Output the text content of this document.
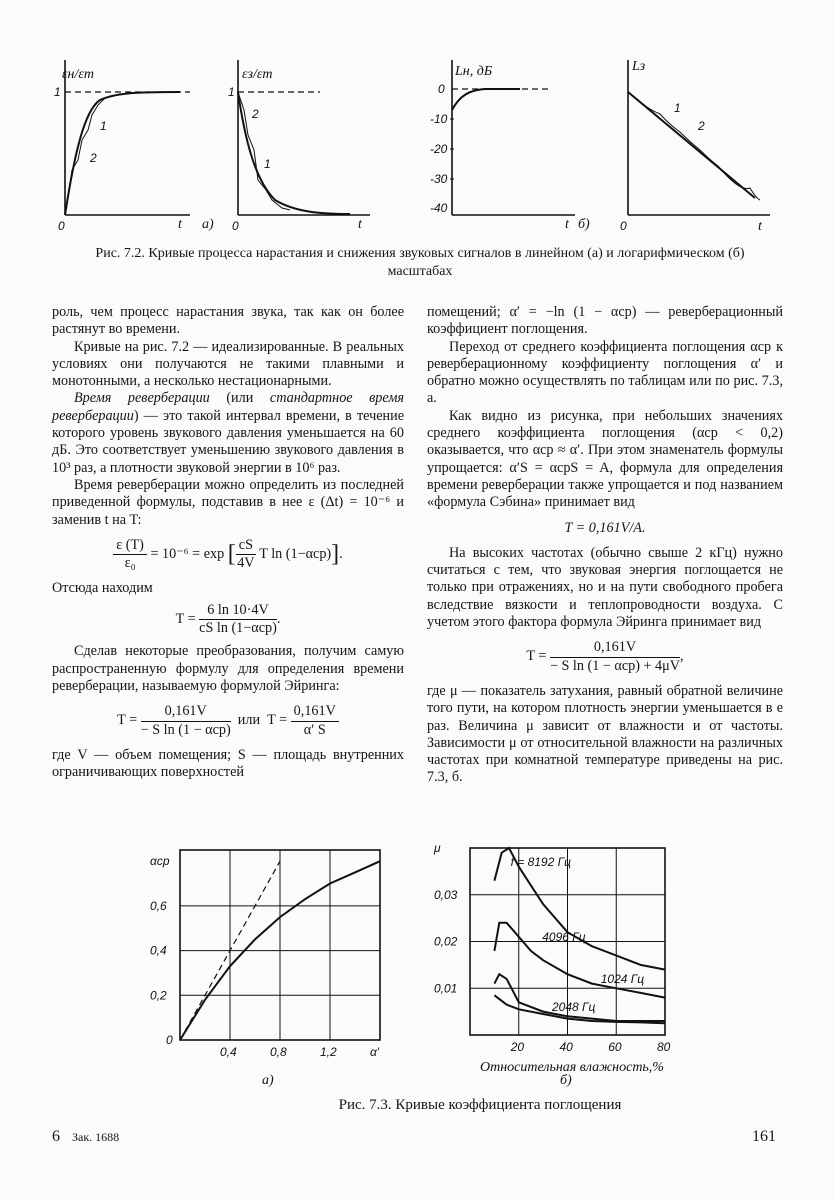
εн/εт
1
0	t
1
2
а)
εз/εт
1
0	t
2
1
0
-10
-20
-30
-40
Lн, дБ
t б)
Lз
0	t
1
2
Рис. 7.2. Кривые процесса нарастания и снижения звуковых сигналов в линейном (а) и логарифмическом (б) масштабах

роль, чем процесс нарастания звука, так как он более растянут во времени.

Кривые на рис. 7.2 — идеализированные. В реальных условиях они получаются не такими плавными и монотонными, а несколько нестационарными.

Время реверберации (или стандартное время реверберации) — это такой интервал времени, в течение которого уровень звукового давления уменьшается на 60 дБ. Это соответствует уменьшению звукового давления в 10³ раз, а плотности звуковой энергии в 10⁶ раз.

Время реверберации можно определить из последней приведенной формулы, подставив в нее ε (Δt) = 10⁻⁶ и заменив t на T:

$\frac{\varepsilon (T)}{\text{ε₀}} = 10^{-6} = \exp$ [ $\frac{cS}{4V}$ T ln (1−αср)].

Отсюда находим

T =
6 ln 10·4V
cS ln (1−αср)
.

Сделав некоторые преобразования, получим самую распространенную формулу для определения времени реверберации, называемую формулой Эйринга:

T =
0,161V
− S ln (1 − αср)
или $T = \frac{0,161V}{\alpha' S}$

где V — объем помещения; S — площадь внутренних ограничивающих поверхностей

помещений; α′ = −ln (1 − αср) — реверберационный коэффициент поглощения.

Переход от среднего коэффициента поглощения αср к реверберационному коэффициенту поглощения α′ и обратно можно осуществлять по таблицам или по рис. 7.3, а.

Как видно из рисунка, при небольших значениях среднего коэффициента поглощения (αср < 0,2) оказывается, что αср ≈ α′. При этом знаменатель формулы упрощается: α′S = αсрS = A, формула для определения времени реверберации также упрощается и под названием «формула Сэбина» принимает вид

T = 0,161V/A.

На высоких частотах (обычно свыше 2 кГц) нужно считаться с тем, что звуковая энергия поглощается не только при отражениях, но и на пути свободного пробега вследствие вязкости и теплопроводности воздуха. С учетом этого фактора формула Эйринга принимает вид

T =
0,161V
− S ln (1 − αср) + 4μV
,

где μ — показатель затухания, равный обратной величине того пути, на котором плотность энергии уменьшается в e раз. Величина μ зависит от влажности и от частоты. Зависимости μ от относительной влажности на различных частотах при комнатной температуре приведены на рис. 7.3, б.

0,4	0,8	1,2	α′
0,2
0,4
0,6
αср
0
а)
f = 8192 Гц
4096 Гц
1024 Гц
2048 Гц
20	40	60	80
0,01
0,02
0,03
μ
Относительная влажность,%
б)
Рис. 7.3. Кривые коэффициента поглощения
6 Зак. 1688	161
